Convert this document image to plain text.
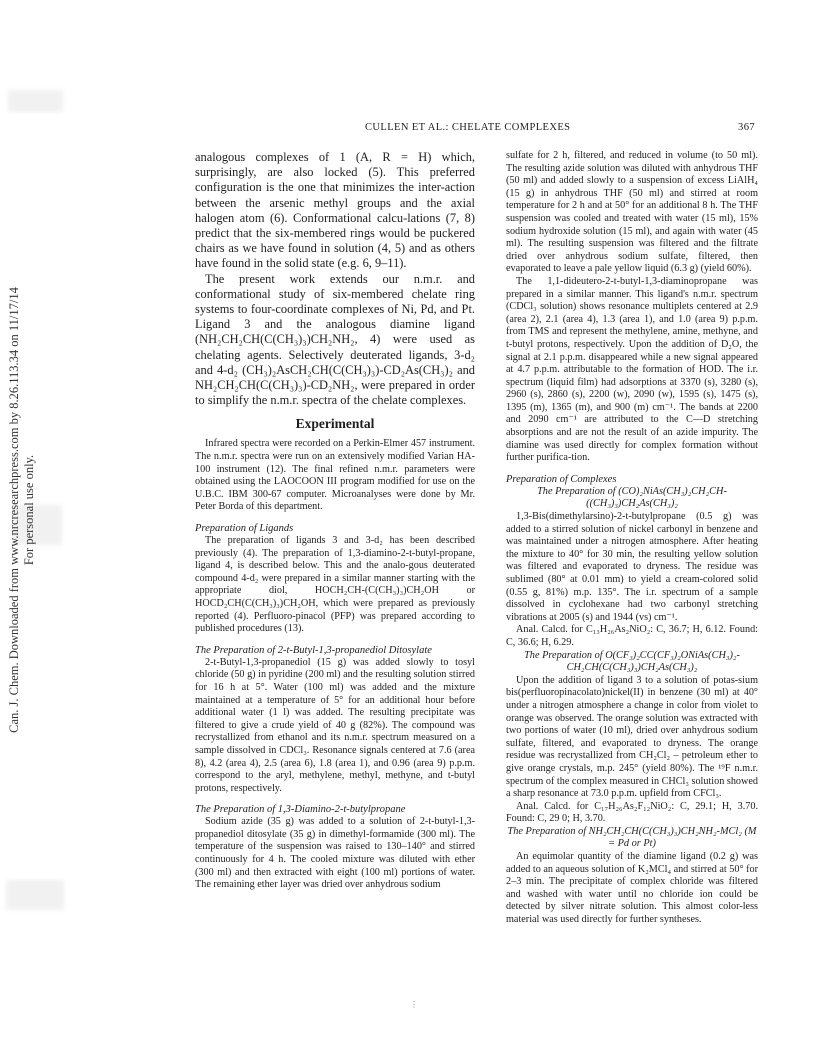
Can. J. Chem. Downloaded from www.nrcresearchpress.com by 8.26.113.34 on 11/17/14 For personal use only.
CULLEN ET AL.: CHELATE COMPLEXES	367

analogous complexes of 1 (A, R = H) which, surprisingly, are also locked (5). This preferred configuration is the one that minimizes the inter-action between the arsenic methyl groups and the axial halogen atom (6). Conformational calcu-lations (7, 8) predict that the six-membered rings would be puckered chairs as we have found in solution (4, 5) and as others have found in the solid state (e.g. 6, 9–11).

The present work extends our n.m.r. and conformational study of six-membered chelate ring systems to four-coordinate complexes of Ni, Pd, and Pt. Ligand 3 and the analogous diamine ligand (NH₂CH₂CH(C(CH₃)₃)CH₂NH₂, 4) were used as chelating agents. Selectively deuterated ligands, 3-d₂ and 4-d₂ (CH₃)₂AsCH₂CH(C(CH₃)₃)-CD₂As(CH₃)₂ and NH₂CH₂CH(C(CH₃)₃)-CD₂NH₂, were prepared in order to simplify the n.m.r. spectra of the chelate complexes.

Experimental

Infrared spectra were recorded on a Perkin-Elmer 457 instrument. The n.m.r. spectra were run on an extensively modified Varian HA-100 instrument (12). The final refined n.m.r. parameters were obtained using the LAOCOON III program modified for use on the U.B.C. IBM 300-67 computer. Microanalyses were done by Mr. Peter Borda of this department.

Preparation of Ligands

The preparation of ligands 3 and 3-d₂ has been described previously (4). The preparation of 1,3-diamino-2-t-butyl-propane, ligand 4, is described below. This and the analo-gous deuterated compound 4-d₂ were prepared in a similar manner starting with the appropriate diol, HOCH₂CH-(C(CH₃)₃)CH₂OH or HOCD₂CH(C(CH₃)₃)CH₂OH, which were prepared as previously reported (4). Perfluoro-pinacol (PFP) was prepared according to published procedures (13).

The Preparation of 2-t-Butyl-1,3-propanediol Ditosylate

2-t-Butyl-1,3-propanediol (15 g) was added slowly to tosyl chloride (50 g) in pyridine (200 ml) and the resulting solution stirred for 16 h at 5°. Water (100 ml) was added and the mixture maintained at a temperature of 5° for an additional hour before additional water (1 l) was added. The resulting precipitate was filtered to give a crude yield of 40 g (82%). The compound was recrystallized from ethanol and its n.m.r. spectrum measured on a sample dissolved in CDCl₃. Resonance signals centered at 7.6 (area 8), 4.2 (area 4), 2.5 (area 6), 1.8 (area 1), and 0.96 (area 9) p.p.m. correspond to the aryl, methylene, methyl, methyne, and t-butyl protons, respectively.

The Preparation of 1,3-Diamino-2-t-butylpropane

Sodium azide (35 g) was added to a solution of 2-t-butyl-1,3-propanediol ditosylate (35 g) in dimethyl-formamide (300 ml). The temperature of the suspension was raised to 130–140° and stirred continuously for 4 h. The cooled mixture was diluted with ether (300 ml) and then extracted with eight (100 ml) portions of water. The remaining ether layer was dried over anhydrous sodium

sulfate for 2 h, filtered, and reduced in volume (to 50 ml). The resulting azide solution was diluted with anhydrous THF (50 ml) and added slowly to a suspension of excess LiAlH₄ (15 g) in anhydrous THF (50 ml) and stirred at room temperature for 2 h and at 50° for an additional 8 h. The THF suspension was cooled and treated with water (15 ml), 15% sodium hydroxide solution (15 ml), and again with water (45 ml). The resulting suspension was filtered and the filtrate dried over anhydrous sodium sulfate, filtered, then evaporated to leave a pale yellow liquid (6.3 g) (yield 60%).

The 1,1-dideutero-2-t-butyl-1,3-diaminopropane was prepared in a similar manner. This ligand's n.m.r. spectrum (CDCl₃ solution) shows resonance multiplets centered at 2.9 (area 2), 2.1 (area 4), 1.3 (area 1), and 1.0 (area 9) p.p.m. from TMS and represent the methylene, amine, methyne, and t-butyl protons, respectively. Upon the addition of D₂O, the signal at 2.1 p.p.m. disappeared while a new signal appeared at 4.7 p.p.m. attributable to the formation of HOD. The i.r. spectrum (liquid film) had adsorptions at 3370 (s), 3280 (s), 2960 (s), 2860 (s), 2200 (w), 2090 (w), 1595 (s), 1475 (s), 1395 (m), 1365 (m), and 900 (m) cm⁻¹. The bands at 2200 and 2090 cm⁻¹ are attributed to the C—D stretching absorptions and are not the result of an azide impurity. The diamine was used directly for complex formation without further purifica-tion.

Preparation of Complexes
The Preparation of (CO)₂NiAs(CH₃)₂CH₂CH-((CH₃)₃)CH₂As(CH₃)₂

1,3-Bis(dimethylarsino)-2-t-butylpropane (0.5 g) was added to a stirred solution of nickel carbonyl in benzene and was maintained under a nitrogen atmosphere. After heating the mixture to 40° for 30 min, the resulting yellow solution was filtered and evaporated to dryness. The residue was sublimed (80° at 0.01 mm) to yield a cream-colored solid (0.55 g, 81%) m.p. 135°. The i.r. spectrum of a sample dissolved in cyclohexane had two carbonyl stretching vibrations at 2005 (s) and 1944 (vs) cm⁻¹.

Anal. Calcd. for C₁₃H₂₆As₂NiO₂: C, 36.7; H, 6.12. Found: C, 36.6; H, 6.29.

The Preparation of O(CF₃)₂CC(CF₃)₂ONiAs(CH₃)₂-CH₂CH(C(CH₃)₃)CH₂As(CH₃)₂

Upon the addition of ligand 3 to a solution of potas-sium bis(perfluoropinacolato)nickel(II) in benzene (30 ml) at 40° under a nitrogen atmosphere a change in color from violet to orange was observed. The orange solution was extracted with two portions of water (10 ml), dried over anhydrous sodium sulfate, filtered, and evaporated to dryness. The orange residue was recrystallized from CH₂Cl₂ – petroleum ether to give orange crystals, m.p. 245° (yield 80%). The ¹⁹F n.m.r. spectrum of the complex measured in CHCl₃ solution showed a sharp resonance at 73.0 p.p.m. upfield from CFCl₃.

Anal. Calcd. for C₁₇H₂₆As₂F₁₂NiO₂: C, 29.1; H, 3.70. Found: C, 29 0; H, 3.70.

The Preparation of NH₂CH₂CH(C(CH₃)₃)CH₂NH₂-MCl₂ (M = Pd or Pt)

An equimolar quantity of the diamine ligand (0.2 g) was added to an aqueous solution of K₂MCl₄ and stirred at 50° for 2–3 min. The precipitate of complex chloride was filtered and washed with water until no chloride ion could be detected by silver nitrate solution. This almost color-less material was used directly for further syntheses.

⋮
